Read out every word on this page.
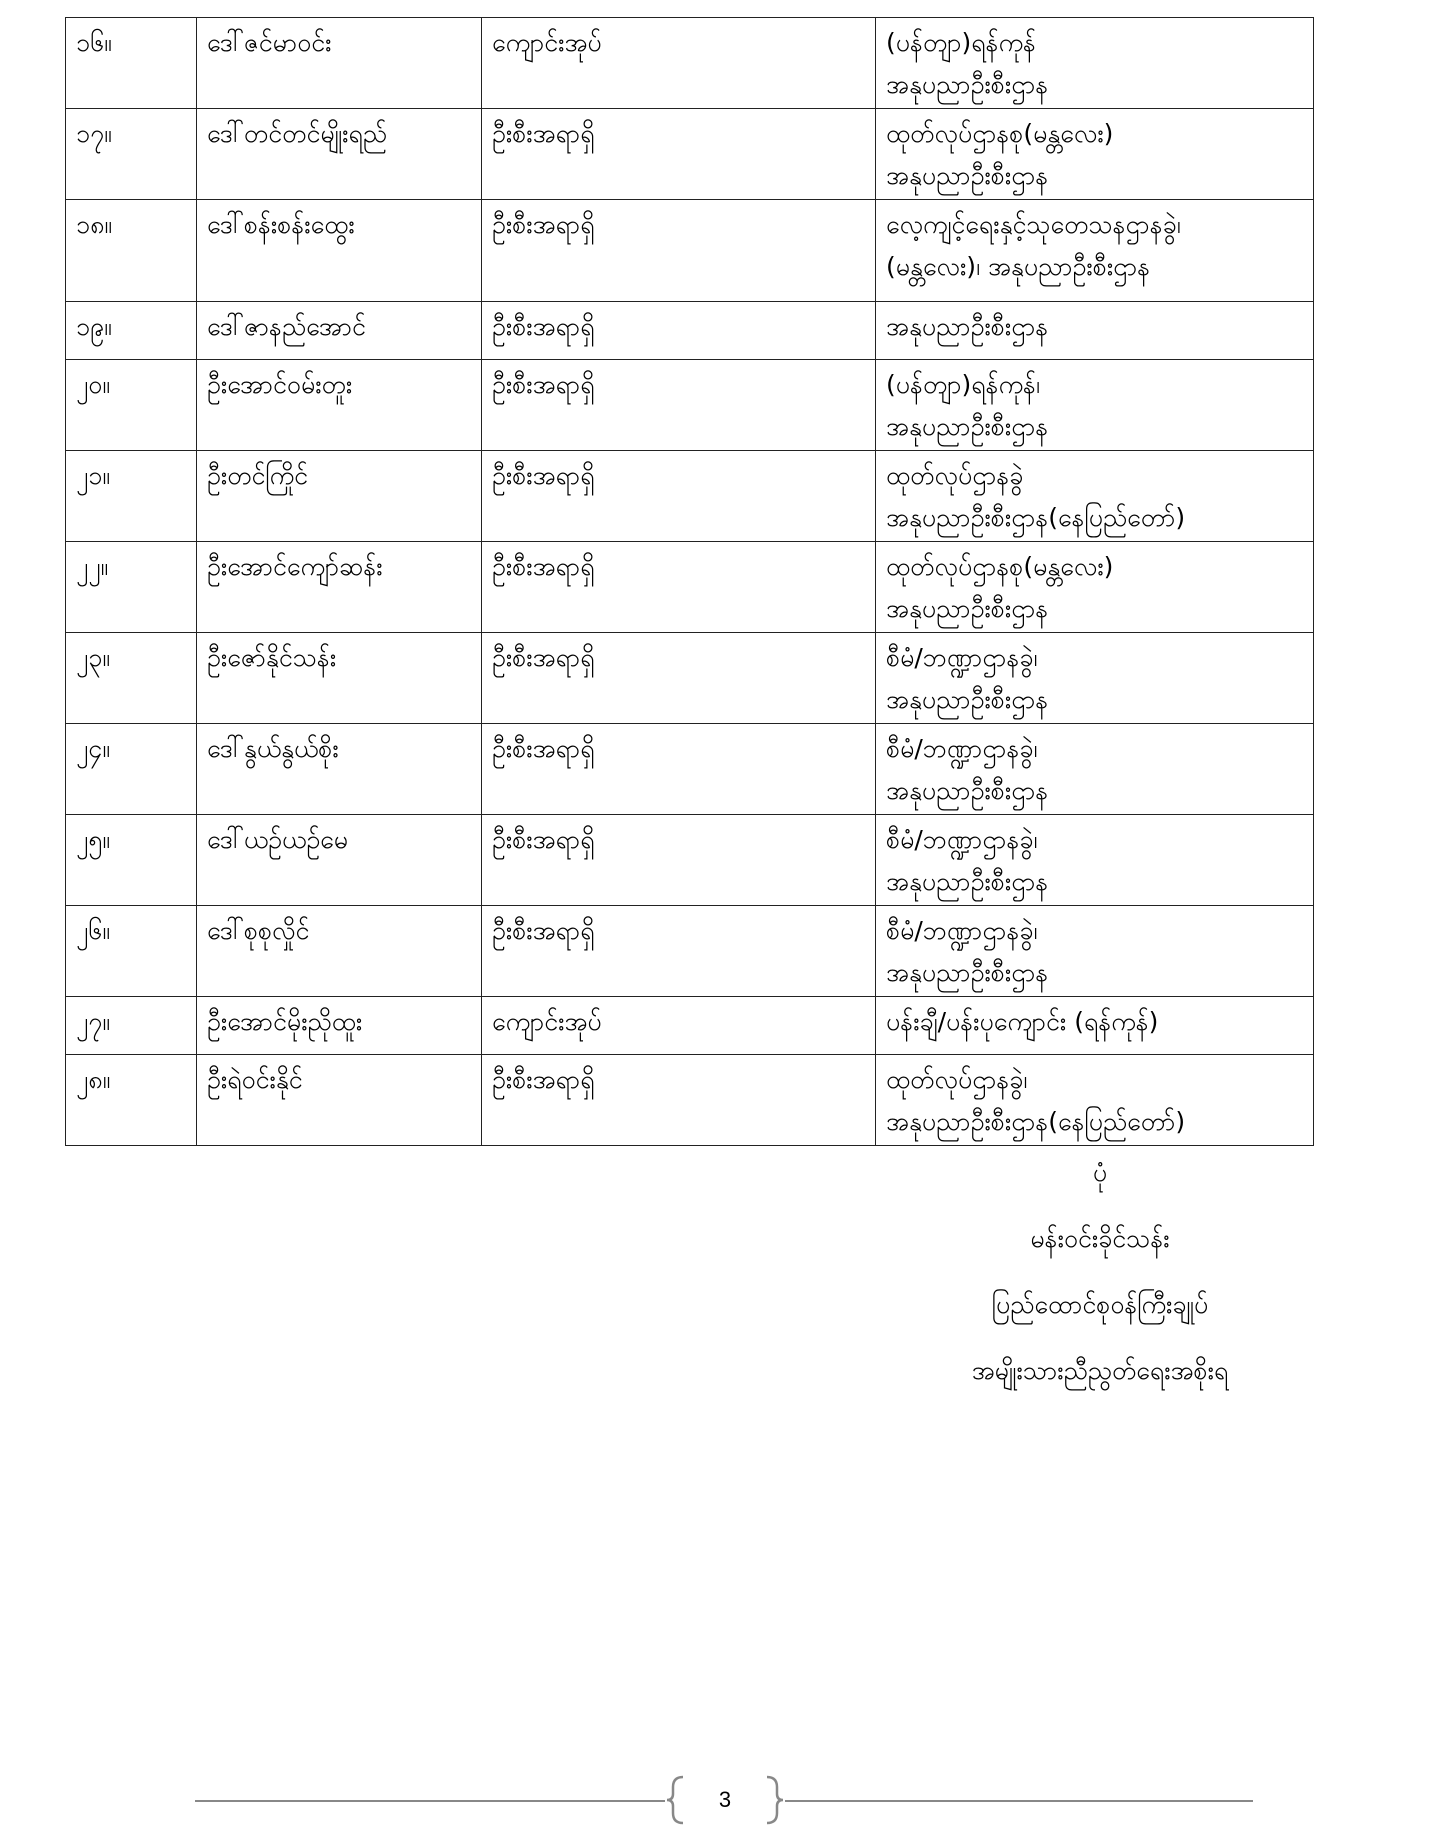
၁၆။	ဒေါ်ဇင်မာဝင်း	ကျောင်းအုပ်	(ပန်တျာ)ရန်ကုန်
အနုပညာဦးစီးဌာန

၁၇။	ဒေါ်တင်တင်မျိုးရည်	ဦးစီးအရာရှိ	ထုတ်လုပ်ဌာနစု(မန္တလေး)
အနုပညာဦးစီးဌာန

၁၈။	ဒေါ်စန်းစန်းထွေး	ဦးစီးအရာရှိ	လေ့ကျင့်ရေးနှင့်သုတေသနဌာနခွဲ၊
(မန္တလေး)၊ အနုပညာဦးစီးဌာန

၁၉။	ဒေါ်ဇာနည်အောင်	ဦးစီးအရာရှိ	အနုပညာဦးစီးဌာန

၂၀။	ဦးအောင်ဝမ်းတူး	ဦးစီးအရာရှိ	(ပန်တျာ)ရန်ကုန်၊
အနုပညာဦးစီးဌာန

၂၁။	ဦးတင်ကြိုင်	ဦးစီးအရာရှိ	ထုတ်လုပ်ဌာနခွဲ
အနုပညာဦးစီးဌာန(နေပြည်တော်)

၂၂။	ဦးအောင်ကျော်ဆန်း	ဦးစီးအရာရှိ	ထုတ်လုပ်ဌာနစု(မန္တလေး)
အနုပညာဦးစီးဌာန

၂၃။	ဦးဇော်နိုင်သန်း	ဦးစီးအရာရှိ	စီမံ/ဘဏ္ဍာဌာနခွဲ၊
အနုပညာဦးစီးဌာန

၂၄။	ဒေါ်နွယ်နွယ်စိုး	ဦးစီးအရာရှိ	စီမံ/ဘဏ္ဍာဌာနခွဲ၊
အနုပညာဦးစီးဌာန

၂၅။	ဒေါ်ယဉ်ယဉ်မေ	ဦးစီးအရာရှိ	စီမံ/ဘဏ္ဍာဌာနခွဲ၊
အနုပညာဦးစီးဌာန

၂၆။	ဒေါ်စုစုလှိုင်	ဦးစီးအရာရှိ	စီမံ/ဘဏ္ဍာဌာနခွဲ၊
အနုပညာဦးစီးဌာန

၂၇။	ဦးအောင်မိုးညိုထူး	ကျောင်းအုပ်	ပန်းချီ/ပန်းပုကျောင်း (ရန်ကုန်)

၂၈။	ဦးရဲဝင်းနိုင်	ဦးစီးအရာရှိ	ထုတ်လုပ်ဌာနခွဲ၊
အနုပညာဦးစီးဌာန(နေပြည်တော်)
ပုံ
မန်းဝင်းခိုင်သန်း
ပြည်ထောင်စုဝန်ကြီးချုပ်
အမျိုးသားညီညွတ်ရေးအစိုးရ
3
